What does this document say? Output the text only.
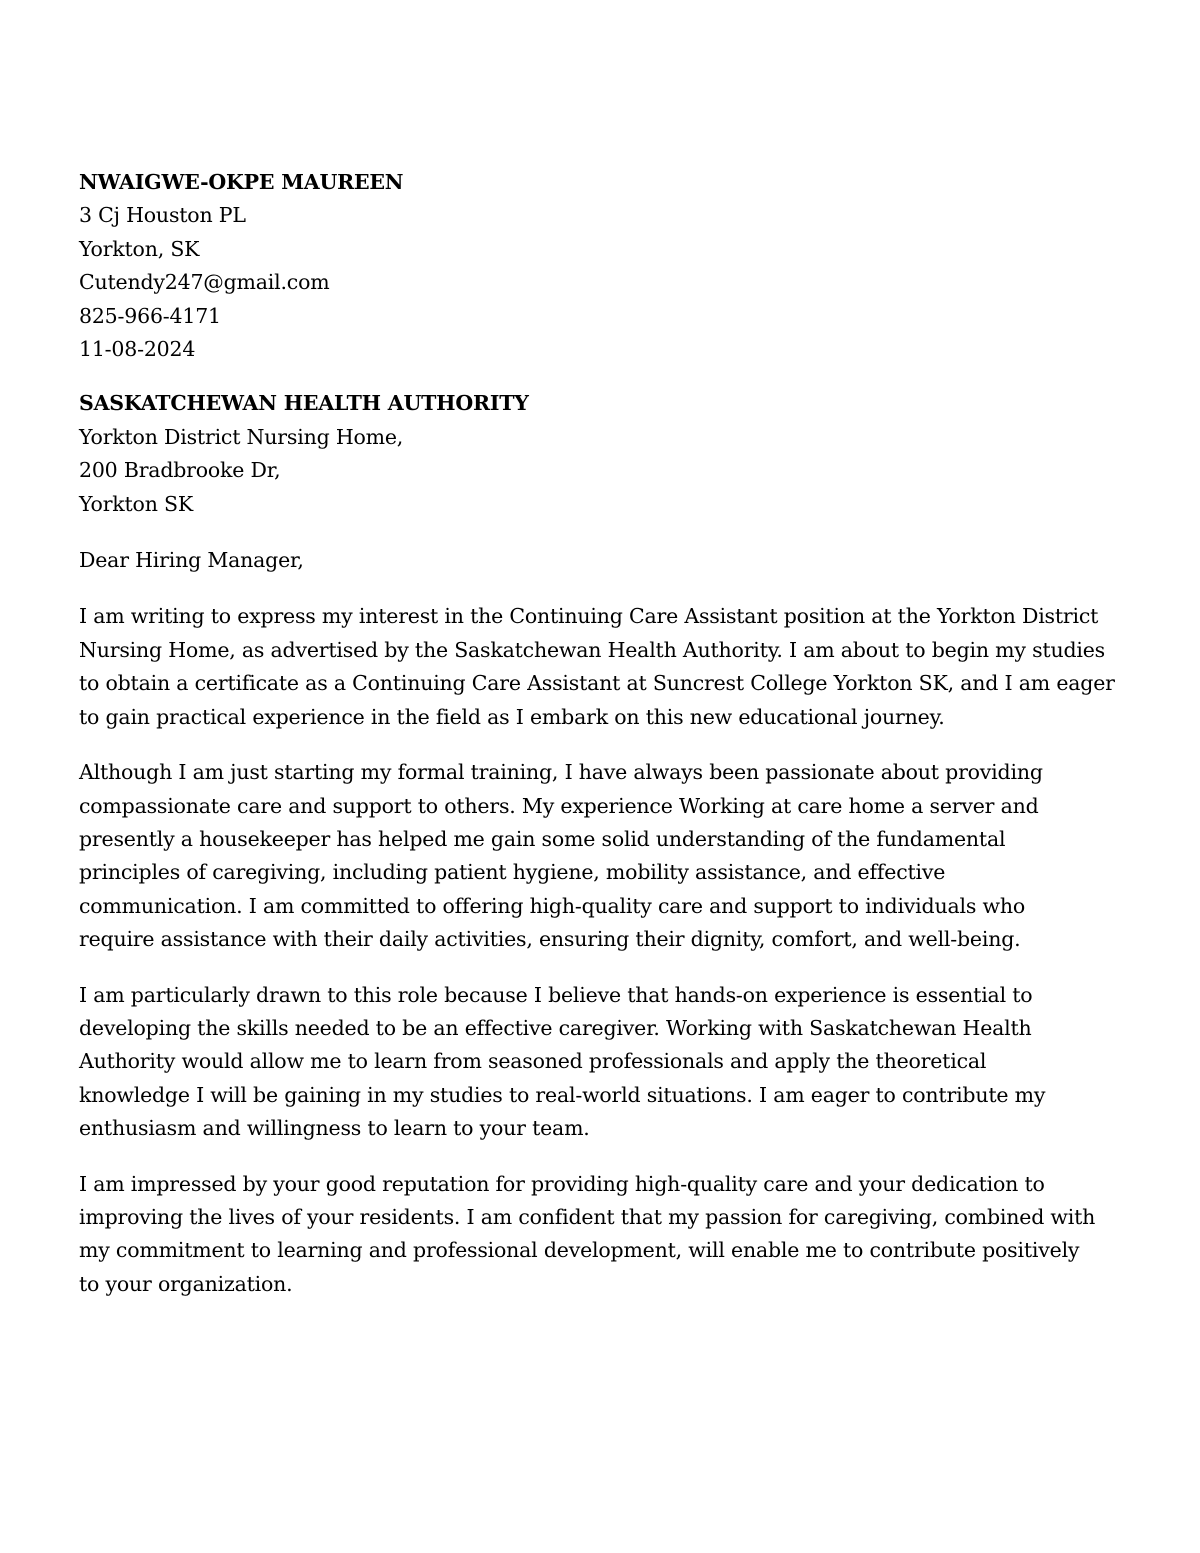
NWAIGWE-OKPE MAUREEN
3 Cj Houston PL
Yorkton, SK
Cutendy247@gmail.com
825-966-4171
11-08-2024
SASKATCHEWAN HEALTH AUTHORITY
Yorkton District Nursing Home,
200 Bradbrooke Dr,
Yorkton SK
Dear Hiring Manager,
I am writing to express my interest in the Continuing Care Assistant position at the Yorkton District
Nursing Home, as advertised by the Saskatchewan Health Authority. I am about to begin my studies
to obtain a certificate as a Continuing Care Assistant at Suncrest College Yorkton SK, and I am eager
to gain practical experience in the field as I embark on this new educational journey.
Although I am just starting my formal training, I have always been passionate about providing
compassionate care and support to others. My experience Working at care home a server and
presently a housekeeper has helped me gain some solid understanding of the fundamental
principles of caregiving, including patient hygiene, mobility assistance, and effective
communication. I am committed to offering high-quality care and support to individuals who
require assistance with their daily activities, ensuring their dignity, comfort, and well-being.
I am particularly drawn to this role because I believe that hands-on experience is essential to
developing the skills needed to be an effective caregiver. Working with Saskatchewan Health
Authority would allow me to learn from seasoned professionals and apply the theoretical
knowledge I will be gaining in my studies to real-world situations. I am eager to contribute my
enthusiasm and willingness to learn to your team.
I am impressed by your good reputation for providing high-quality care and your dedication to
improving the lives of your residents. I am confident that my passion for caregiving, combined with
my commitment to learning and professional development, will enable me to contribute positively
to your organization.
